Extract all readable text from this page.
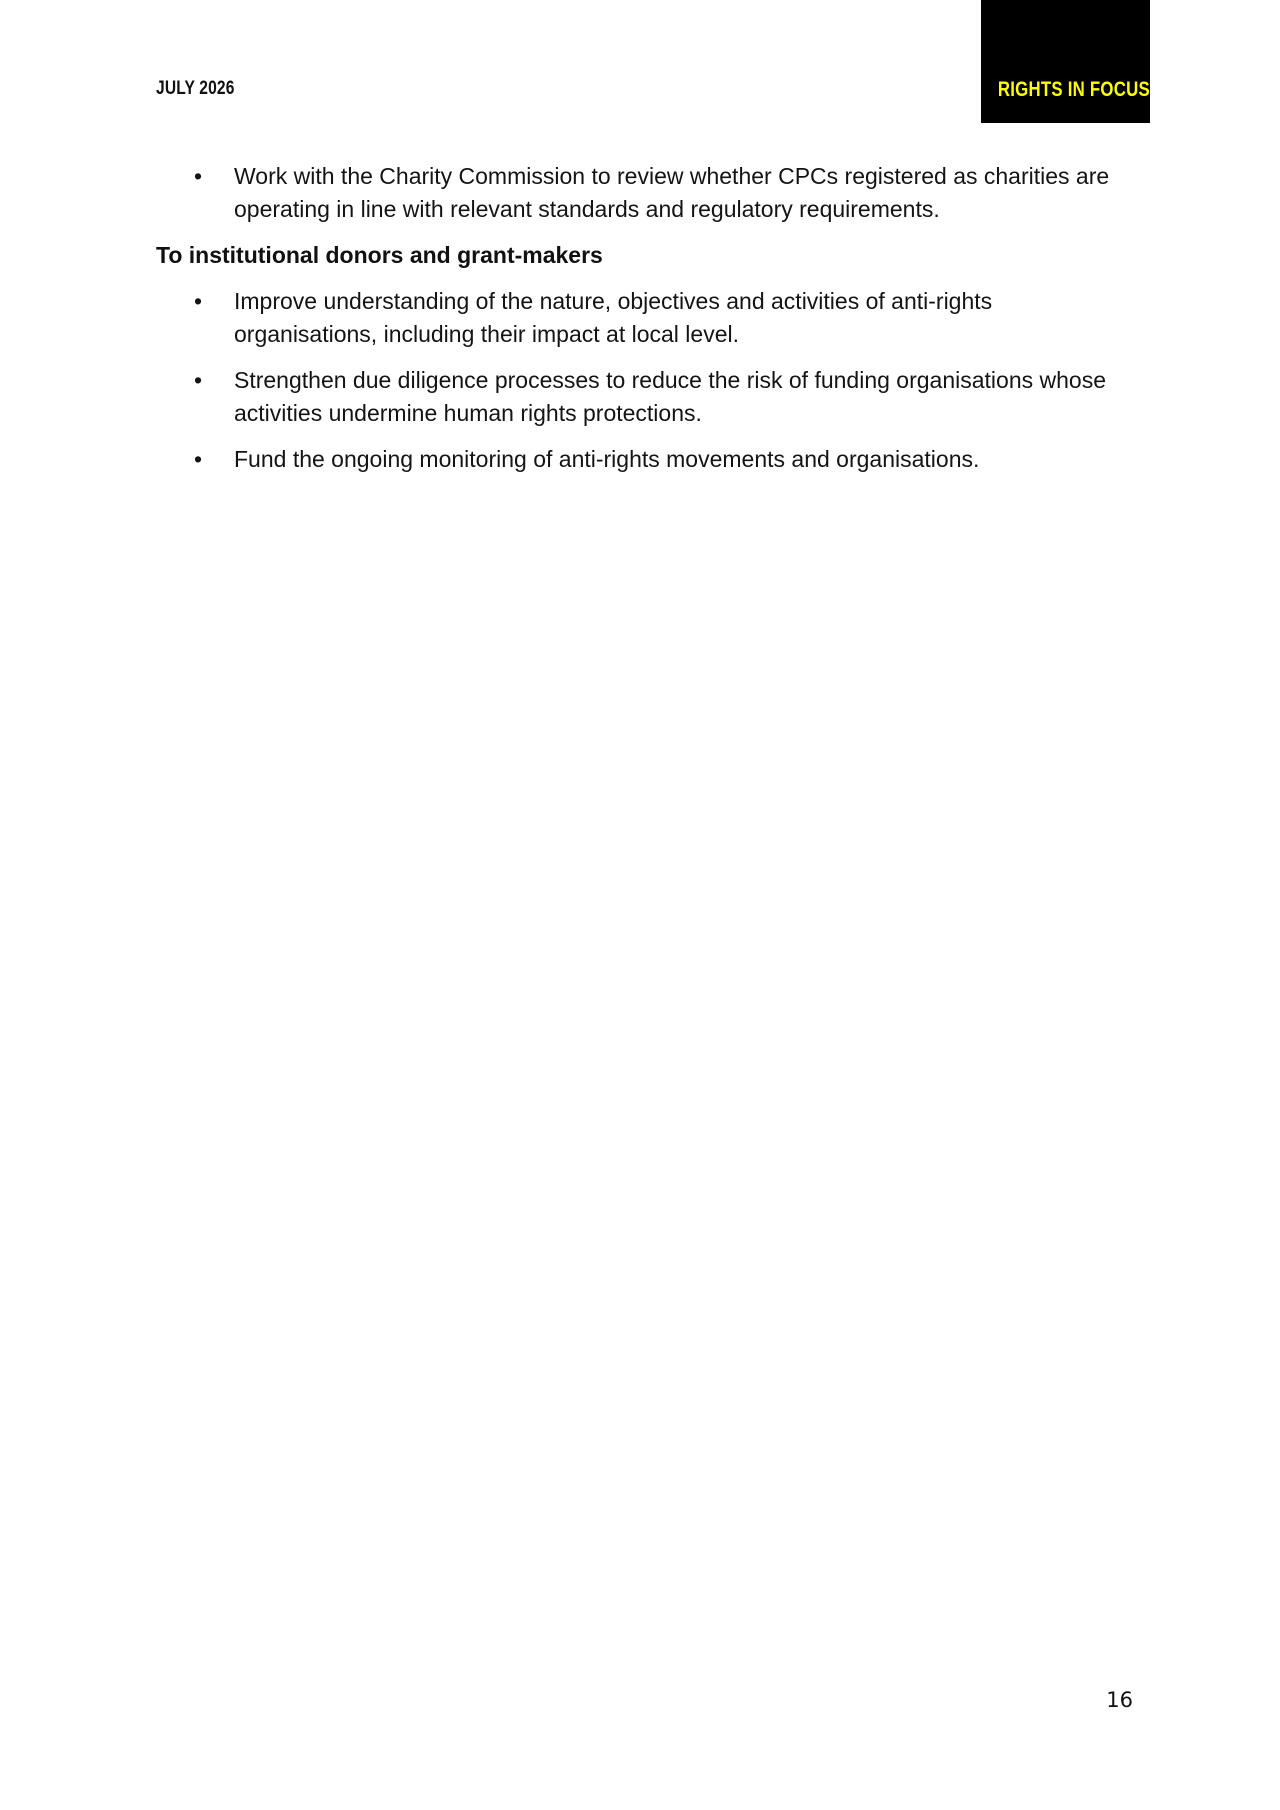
JULY 2026	RIGHTS IN FOCUS
• Work with the Charity Commission to review whether CPCs registered as charities are operating in line with relevant standards and regulatory requirements.
To institutional donors and grant-makers
• Improve understanding of the nature, objectives and activities of anti-rights organisations, including their impact at local level.
• Strengthen due diligence processes to reduce the risk of funding organisations whose activities undermine human rights protections.
• Fund the ongoing monitoring of anti-rights movements and organisations.
16
